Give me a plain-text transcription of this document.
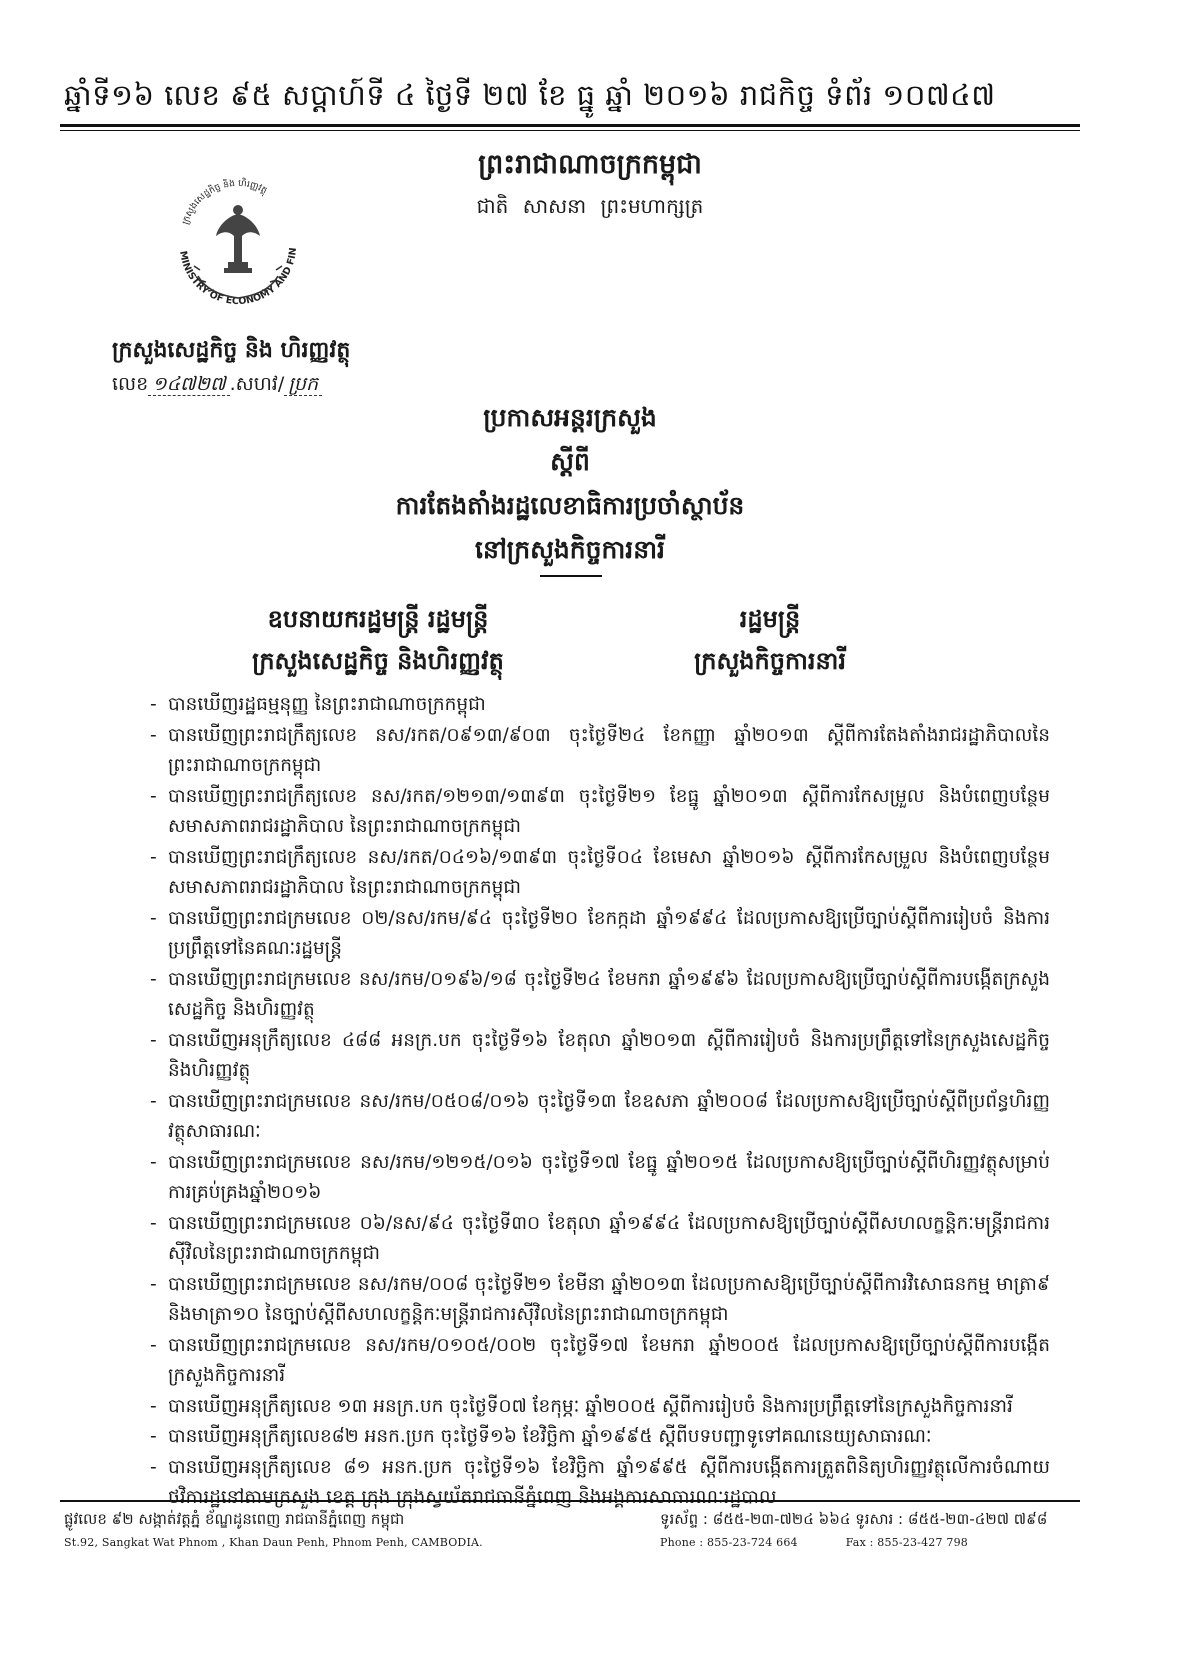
ឆ្នាំទី១៦ លេខ ៩៥ សប្តាហ៍ទី ៤ ថ្ងៃទី ២៧ ខែ ធ្នូ ឆ្នាំ ២០១៦ រាជកិច្ច ទំព័រ ១០៧៤៧
ព្រះរាជាណាចក្រកម្ពុជា
ជាតិ សាសនា ព្រះមហាក្សត្រ
MINISTRY OF ECONOMY AND FIN
ក្រសួងសេដ្ឋកិច្ច និង ហិរញ្ញវត្ថុ
ក្រសួងសេដ្ឋកិច្ច និង ហិរញ្ញវត្ថុ
លេខ ១៤៧២៧ .សហវ/ ប្រក
ប្រកាសអន្តរក្រសួង
ស្តីពី
ការតែងតាំងរដ្ឋលេខាធិការប្រចាំស្ថាប័ន
នៅក្រសួងកិច្ចការនារី
ឧបនាយករដ្ឋមន្ត្រី រដ្ឋមន្ត្រី
ក្រសួងសេដ្ឋកិច្ច និងហិរញ្ញវត្ថុ
រដ្ឋមន្ត្រី
ក្រសួងកិច្ចការនារី
- បានឃើញរដ្ឋធម្មនុញ្ញ នៃព្រះរាជាណាចក្រកម្ពុជា
- បានឃើញព្រះរាជក្រឹត្យលេខ នស/រកត/០៩១៣/៩០៣ ចុះថ្ងៃទី២៤ ខែកញ្ញា ឆ្នាំ២០១៣ ស្តីពីការតែងតាំងរាជរដ្ឋាភិបាលនៃព្រះរាជាណាចក្រកម្ពុជា
- បានឃើញព្រះរាជក្រឹត្យលេខ នស/រកត/១២១៣/១៣៩៣ ចុះថ្ងៃទី២១ ខែធ្នូ ឆ្នាំ២០១៣ ស្តីពីការកែសម្រួល និងបំពេញបន្ថែមសមាសភាពរាជរដ្ឋាភិបាល នៃព្រះរាជាណាចក្រកម្ពុជា
- បានឃើញព្រះរាជក្រឹត្យលេខ នស/រកត/០៤១៦/១៣៩៣ ចុះថ្ងៃទី០៤ ខែមេសា ឆ្នាំ២០១៦ ស្តីពីការកែសម្រួល និងបំពេញបន្ថែម សមាសភាពរាជរដ្ឋាភិបាល នៃព្រះរាជាណាចក្រកម្ពុជា
- បានឃើញព្រះរាជក្រមលេខ ០២/នស/រកម/៩៤ ចុះថ្ងៃទី២០ ខែកក្កដា ឆ្នាំ១៩៩៤ ដែលប្រកាសឱ្យប្រើច្បាប់ស្តីពីការរៀបចំ និងការប្រព្រឹត្តទៅនៃគណៈរដ្ឋមន្ត្រី
- បានឃើញព្រះរាជក្រមលេខ នស/រកម/០១៩៦/១៨ ចុះថ្ងៃទី២៤ ខែមករា ឆ្នាំ១៩៩៦ ដែលប្រកាសឱ្យប្រើច្បាប់ស្តីពីការបង្កើតក្រសួងសេដ្ឋកិច្ច និងហិរញ្ញវត្ថុ
- បានឃើញអនុក្រឹត្យលេខ ៤៨៨ អនក្រ.បក ចុះថ្ងៃទី១៦ ខែតុលា ឆ្នាំ២០១៣ ស្តីពីការរៀបចំ និងការប្រព្រឹត្តទៅនៃក្រសួងសេដ្ឋកិច្ចនិងហិរញ្ញវត្ថុ
- បានឃើញព្រះរាជក្រមលេខ នស/រកម/០៥០៨/០១៦ ចុះថ្ងៃទី១៣ ខែឧសភា ឆ្នាំ២០០៨ ដែលប្រកាសឱ្យប្រើច្បាប់ស្តីពីប្រព័ន្ធហិរញ្ញវត្ថុសាធារណៈ
- បានឃើញព្រះរាជក្រមលេខ នស/រកម/១២១៥/០១៦ ចុះថ្ងៃទី១៧ ខែធ្នូ ឆ្នាំ២០១៥ ដែលប្រកាសឱ្យប្រើច្បាប់ស្តីពីហិរញ្ញវត្ថុសម្រាប់ការគ្រប់គ្រងឆ្នាំ២០១៦
- បានឃើញព្រះរាជក្រមលេខ ០៦/នស/៩៤ ចុះថ្ងៃទី៣០ ខែតុលា ឆ្នាំ១៩៩៤ ដែលប្រកាសឱ្យប្រើច្បាប់ស្តីពីសហលក្ខន្តិកៈមន្ត្រីរាជការស៊ីវិលនៃព្រះរាជាណាចក្រកម្ពុជា
- បានឃើញព្រះរាជក្រមលេខ នស/រកម/០០៨ ចុះថ្ងៃទី២១ ខែមីនា ឆ្នាំ២០១៣ ដែលប្រកាសឱ្យប្រើច្បាប់ស្តីពីការវិសោធនកម្ម មាត្រា៩ និងមាត្រា១០ នៃច្បាប់ស្តីពីសហលក្ខន្តិកៈមន្ត្រីរាជការស៊ីវិលនៃព្រះរាជាណាចក្រកម្ពុជា
- បានឃើញព្រះរាជក្រមលេខ នស/រកម/០១០៥/០០២ ចុះថ្ងៃទី១៧ ខែមករា ឆ្នាំ២០០៥ ដែលប្រកាសឱ្យប្រើច្បាប់ស្តីពីការបង្កើតក្រសួងកិច្ចការនារី
- បានឃើញអនុក្រឹត្យលេខ ១៣ អនក្រ.បក ចុះថ្ងៃទី០៧ ខែកុម្ភៈ ឆ្នាំ២០០៥ ស្តីពីការរៀបចំ និងការប្រព្រឹត្តទៅនៃក្រសួងកិច្ចការនារី
- បានឃើញអនុក្រឹត្យលេខ៨២ អនក.ប្រក ចុះថ្ងៃទី១៦ ខែវិច្ឆិកា ឆ្នាំ១៩៩៥ ស្តីពីបទបញ្ជាទូទៅគណនេយ្យសាធារណៈ
- បានឃើញអនុក្រឹត្យលេខ ៨១ អនក.ប្រក ចុះថ្ងៃទី១៦ ខែវិច្ឆិកា ឆ្នាំ១៩៩៥ ស្តីពីការបង្កើតការត្រួតពិនិត្យហិរញ្ញវត្ថុលើការចំណាយថវិការដ្ឋនៅតាមក្រសួង ខេត្ត ក្រុង ក្រុងស្វយ័តរាជធានីភ្នំពេញ និងអង្គការសាធារណៈរដ្ឋបាល
ផ្លូវលេខ ៩២ សង្កាត់វត្តភ្នំ ខ័ណ្ឌដូនពេញ រាជធានីភ្នំពេញ កម្ពុជា
St.92, Sangkat Wat Phnom , Khan Daun Penh, Phnom Penh, CAMBODIA.
ទូរស័ព្ទ : ៨៥៥-២៣-៧២៤ ៦៦៤ ទូរសារ : ៨៥៥-២៣-៤២៧ ៧៩៨
Phone : 855-23-724 664	Fax : 855-23-427 798
